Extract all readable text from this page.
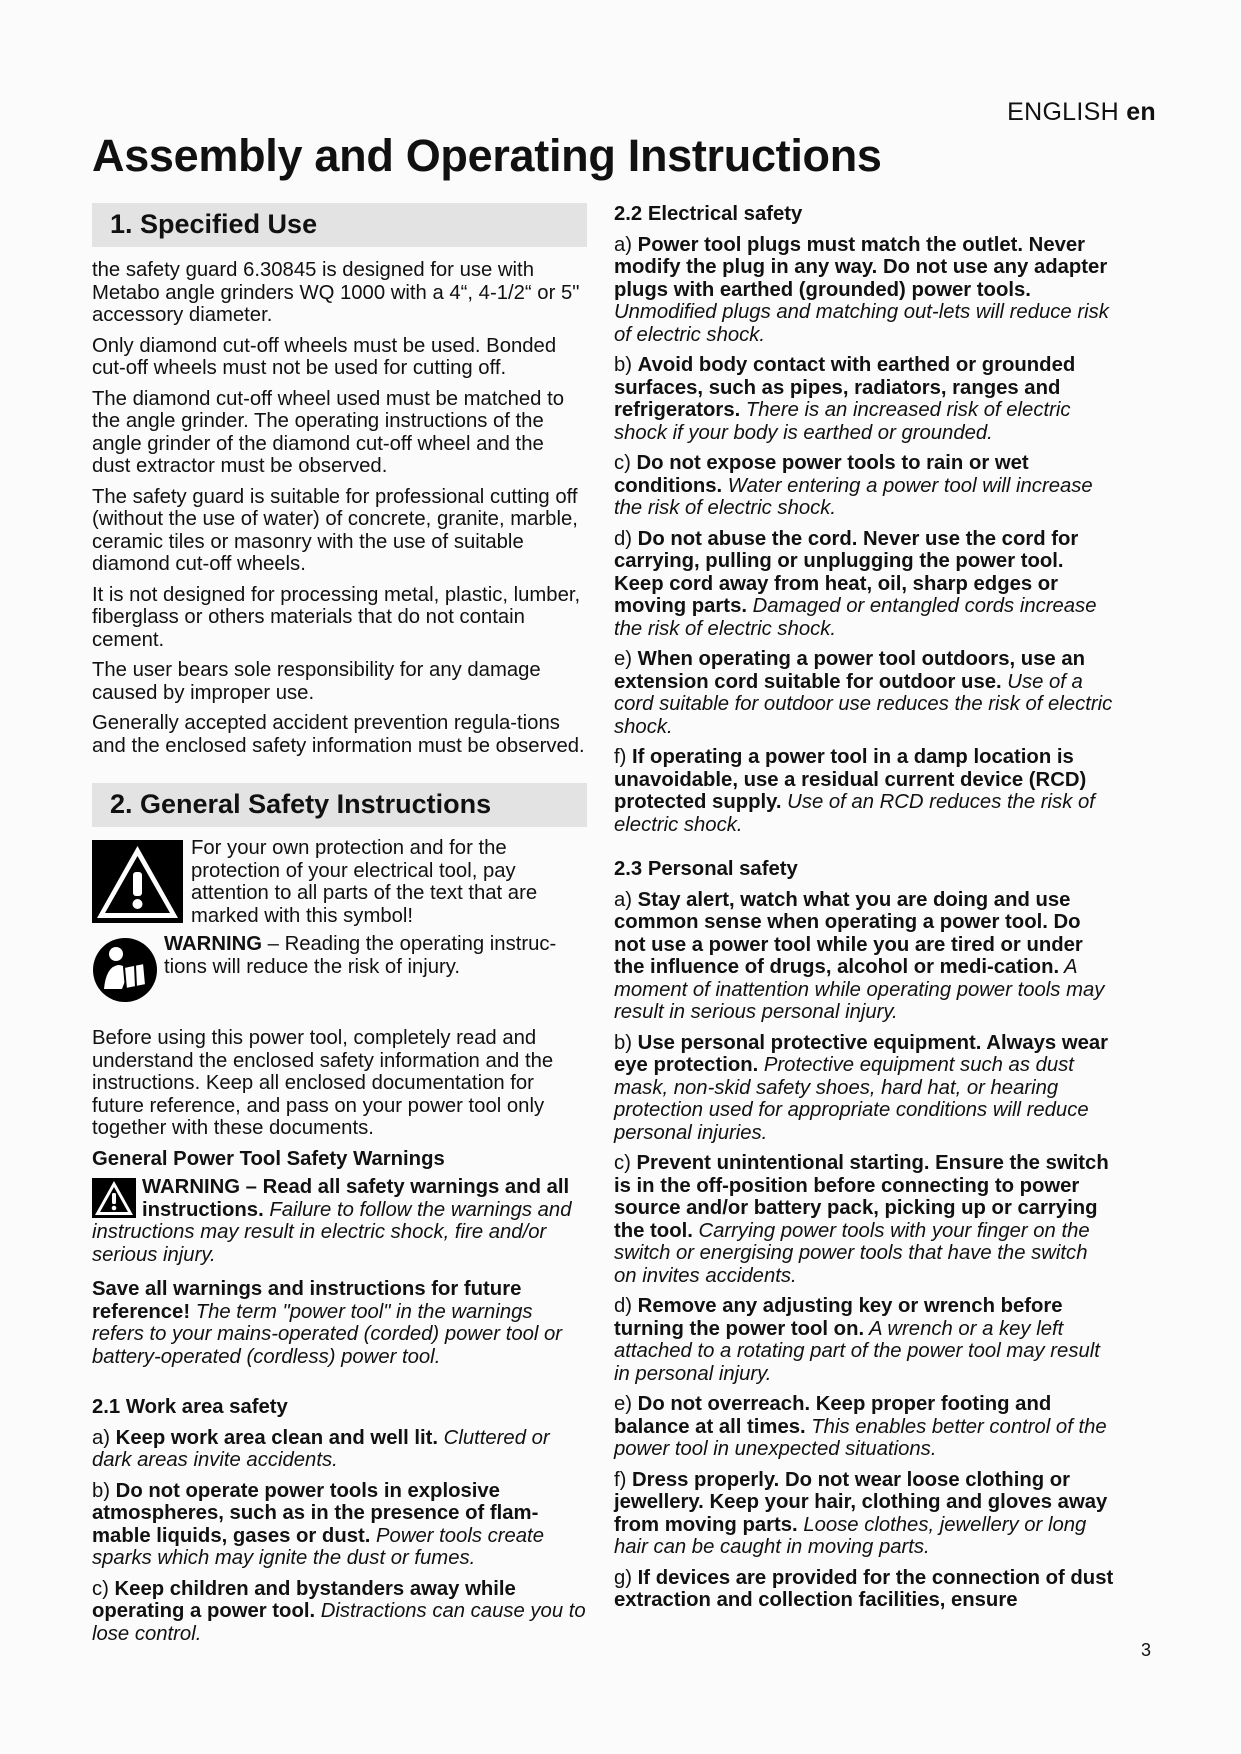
ENGLISH en
Assembly and Operating Instructions
1. Specified Use

the safety guard 6.30845 is designed for use with Metabo angle grinders WQ 1000 with a 4“, 4-1/2“ or 5" accessory diameter.

Only diamond cut-off wheels must be used. Bonded cut-off wheels must not be used for cutting off.

The diamond cut-off wheel used must be matched to the angle grinder. The operating instructions of the angle grinder of the diamond cut-off wheel and the dust extractor must be observed.

The safety guard is suitable for professional cutting off (without the use of water) of concrete, granite, marble, ceramic tiles or masonry with the use of suitable diamond cut-off wheels.

It is not designed for processing metal, plastic, lumber, fiberglass or others materials that do not contain cement.

The user bears sole responsibility for any damage caused by improper use.

Generally accepted accident prevention regula-tions and the enclosed safety information must be observed.

2. General Safety Instructions
For your own protection and for the protection of your electrical tool, pay attention to all parts of the text that are marked with this symbol!
WARNING – Reading the operating instruc-tions will reduce the risk of injury.

Before using this power tool, completely read and understand the enclosed safety information and the instructions. Keep all enclosed documentation for future reference, and pass on your power tool only together with these documents.

General Power Tool Safety Warnings

WARNING – Read all safety warnings and all instructions. Failure to follow the warnings and instructions may result in electric shock, fire and/or serious injury.

Save all warnings and instructions for future reference! The term "power tool" in the warnings refers to your mains-operated (corded) power tool or battery-operated (cordless) power tool.

2.1 Work area safety

a) Keep work area clean and well lit. Cluttered or dark areas invite accidents.

b) Do not operate power tools in explosive atmospheres, such as in the presence of flam-mable liquids, gases or dust. Power tools create sparks which may ignite the dust or fumes.

c) Keep children and bystanders away while operating a power tool. Distractions can cause you to lose control.

2.2 Electrical safety

a) Power tool plugs must match the outlet. Never modify the plug in any way. Do not use any adapter plugs with earthed (grounded) power tools. Unmodified plugs and matching out-lets will reduce risk of electric shock.

b) Avoid body contact with earthed or grounded surfaces, such as pipes, radiators, ranges and refrigerators. There is an increased risk of electric shock if your body is earthed or grounded.

c) Do not expose power tools to rain or wet conditions. Water entering a power tool will increase the risk of electric shock.

d) Do not abuse the cord. Never use the cord for carrying, pulling or unplugging the power tool. Keep cord away from heat, oil, sharp edges or moving parts. Damaged or entangled cords increase the risk of electric shock.

e) When operating a power tool outdoors, use an extension cord suitable for outdoor use. Use of a cord suitable for outdoor use reduces the risk of electric shock.

f) If operating a power tool in a damp location is unavoidable, use a residual current device (RCD) protected supply. Use of an RCD reduces the risk of electric shock.

2.3 Personal safety

a) Stay alert, watch what you are doing and use common sense when operating a power tool. Do not use a power tool while you are tired or under the influence of drugs, alcohol or medi-cation. A moment of inattention while operating power tools may result in serious personal injury.

b) Use personal protective equipment. Always wear eye protection. Protective equipment such as dust mask, non-skid safety shoes, hard hat, or hearing protection used for appropriate conditions will reduce personal injuries.

c) Prevent unintentional starting. Ensure the switch is in the off-position before connecting to power source and/or battery pack, picking up or carrying the tool. Carrying power tools with your finger on the switch or energising power tools that have the switch on invites accidents.

d) Remove any adjusting key or wrench before turning the power tool on. A wrench or a key left attached to a rotating part of the power tool may result in personal injury.

e) Do not overreach. Keep proper footing and balance at all times. This enables better control of the power tool in unexpected situations.

f) Dress properly. Do not wear loose clothing or jewellery. Keep your hair, clothing and gloves away from moving parts. Loose clothes, jewellery or long hair can be caught in moving parts.

g) If devices are provided for the connection of dust extraction and collection facilities, ensure

3
